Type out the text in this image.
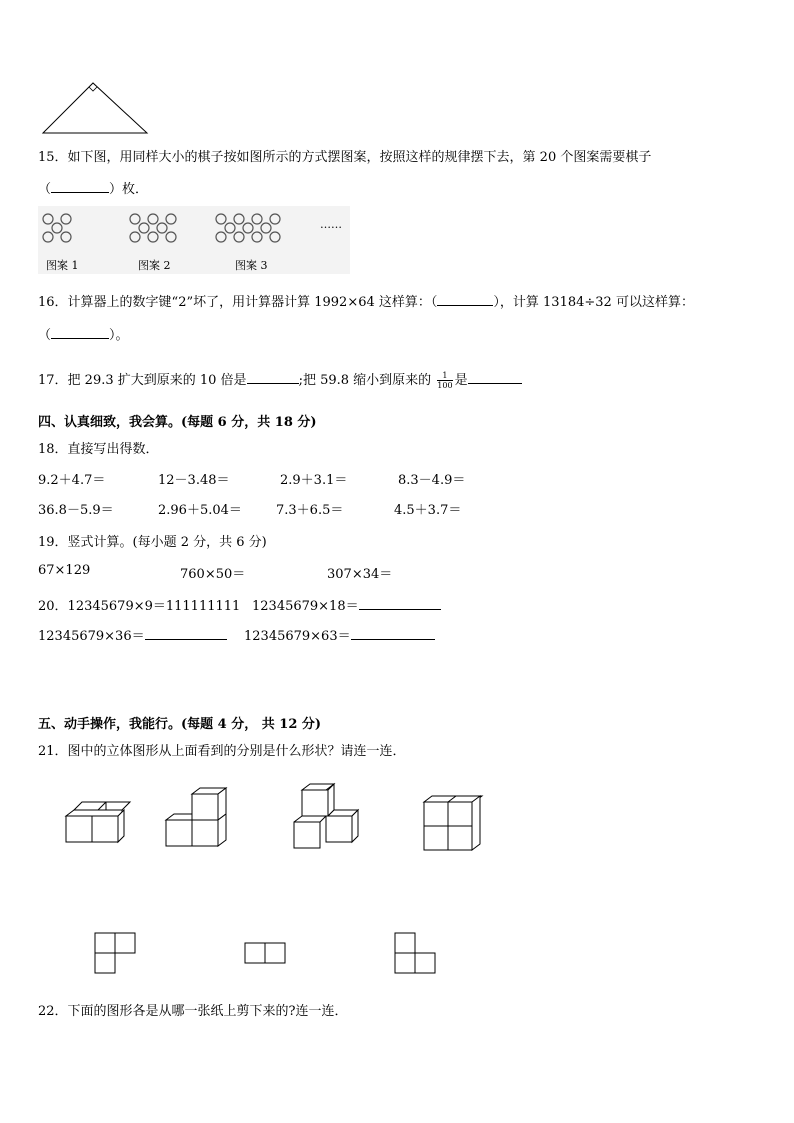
15．如下图，用同样大小的棋子按如图所示的方式摆图案，按照这样的规律摆下去，第 20 个图案需要棋子
（	）枚．
图案 1	图案 2	图案 3
……
16．计算器上的数字键“2”坏了，用计算器计算 1992×64 这样算：（	），计算 13184÷32 可以这样算：
（	）。
17．把 29.3 扩大到原来的 10 倍是	;把 59.8 缩小到原来的 $\frac{1}{100}$ 是
四、认真细致，我会算。(每题 6 分，共 18 分)
18．直接写出得数．
9.2＋4.7＝	12－3.48＝	2.9＋3.1＝	8.3－4.9＝
36.8－5.9＝	2.96＋5.04＝	7.3＋6.5＝	4.5＋3.7＝
19．竖式计算。(每小题 2 分，共 6 分)
67×129	760×50＝	307×34＝
20．12345679×9＝111111111 12345679×18＝
12345679×36＝	12345679×63＝
五、动手操作，我能行。(每题 4 分， 共 12 分)
21．图中的立体图形从上面看到的分别是什么形状？请连一连．
22．下面的图形各是从哪一张纸上剪下来的?连一连．
